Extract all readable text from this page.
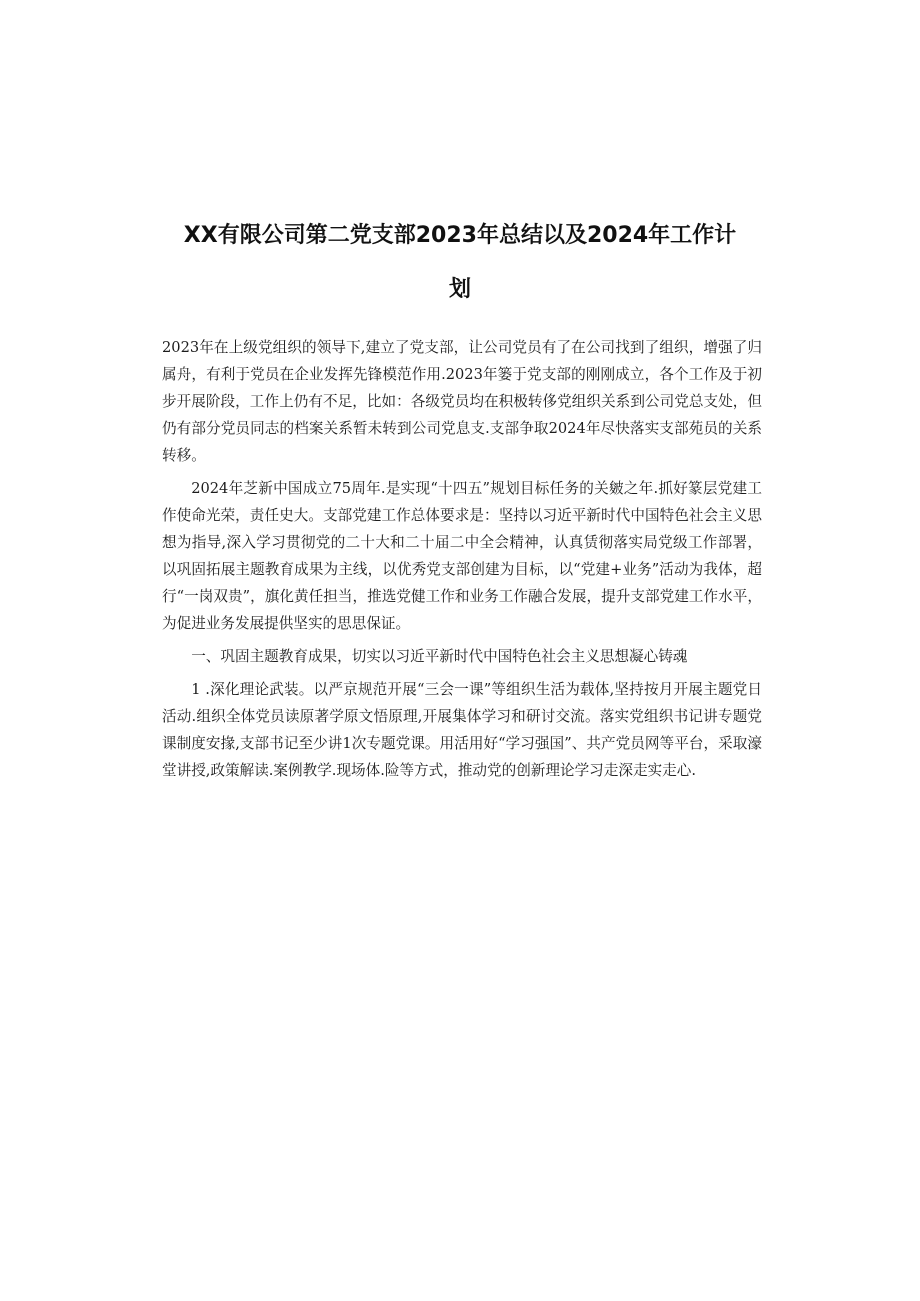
XX有限公司第二党支部2023年总结以及2024年工作计
划

2023年在上级党组织的领导下,建立了党支部，让公司党员有了在公司找到了组织，增强了归属舟，有利于党员在企业发挥先锋模范作用.2023年篓于党支部的刚刚成立，各个工作及于初步开展阶段，工作上仍有不足，比如：各级党员均在积极转侈党组织关系到公司党总支处，但仍有部分党员同志的档案关系暂未转到公司党息支.支部争取2024年尽快落实支部苑员的关系转移。

2024年芝新中国成立75周年.是实现“十四五”规划目标任务的关皴之年.抓好篆层党建工作使命光荣，责任史大。支部党建工作总体要求是：坚持以习近平新时代中国特色社会主义思想为指导,深入学习贯彻党的二十大和二十届二中全会精神，认真赁彻落实局党级工作部署，以巩固拓展主题教育成果为主线，以优秀党支部创建为目标，以“党建+业务”活动为我体，超行“一岗双贵”，旗化黄任担当，推选党健工作和业务工作融合发展，提升支部党建工作水平，为促进业务发展提供坚实的思思保证。

一、巩固主题教育成果，切实以习近平新时代中国特色社会主义思想凝心铸魂

1 .深化理论武装。以严京规范开展“三会一课”等组织生活为载体,坚持按月开展主题党日活动.组织全体党员读原著学原文悟原理,开展集体学习和研讨交流。落实党组织书记讲专题党课制度安掾,支部书记至少讲1次专题党课。用活用好“学习强国”、共产党员网等平台，采取濠堂讲授,政策解读.案例教学.现场体.险等方式，推动党的创新理论学习走深走实走心.
